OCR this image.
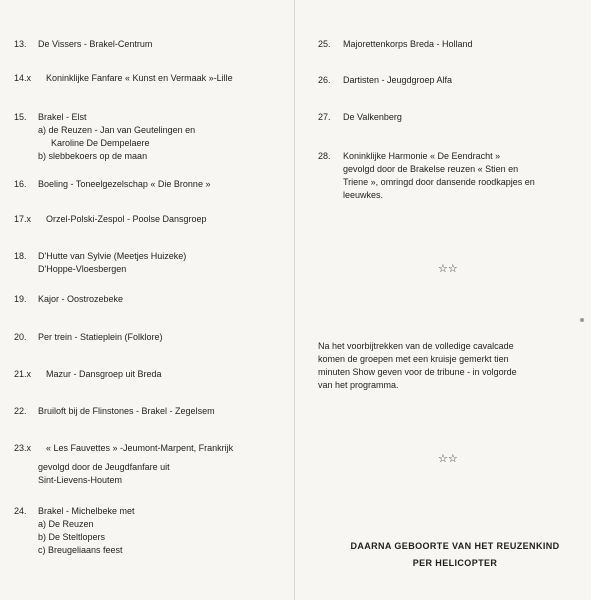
13. De Vissers - Brakel-Centrum
14.x Koninklijke Fanfare « Kunst en Vermaak »-Lille
15. Brakel - Elst
a) de Reuzen - Jan van Geutelingen en
Karoline De Dempelaere
b) slebbekoers op de maan
16. Boeling - Toneelgezelschap « Die Bronne »
17.x Orzel-Polski-Zespol - Poolse Dansgroep
18. D'Hutte van Sylvie (Meetjes Huizeke)
D'Hoppe-Vloesbergen
19. Kajor - Oostrozebeke
20. Per trein - Statieplein (Folklore)
21.x Mazur - Dansgroep uit Breda
22. Bruiloft bij de Flinstones - Brakel - Zegelsem
23.x « Les Fauvettes » -Jeumont-Marpent, Frankrijk
gevolgd door de Jeugdfanfare uit
Sint-Lievens-Houtem
24. Brakel - Michelbeke met
a) De Reuzen
b) De Steltlopers
c) Breugeliaans feest
25. Majorettenkorps Breda - Holland
26. Dartisten - Jeugdgroep Alfa
27. De Valkenberg
28. Koninklijke Harmonie « De Eendracht »
gevolgd door de Brakelse reuzen « Stien en
Triene », omringd door dansende roodkapjes en
leeuwkes.
☆☆
Na het voorbijtrekken van de volledige cavalcade
komen de groepen met een kruisje gemerkt tien
minuten Show geven voor de tribune - in volgorde
van het programma.
☆☆
DAARNA GEBOORTE VAN HET REUZENKIND
PER HELICOPTER
